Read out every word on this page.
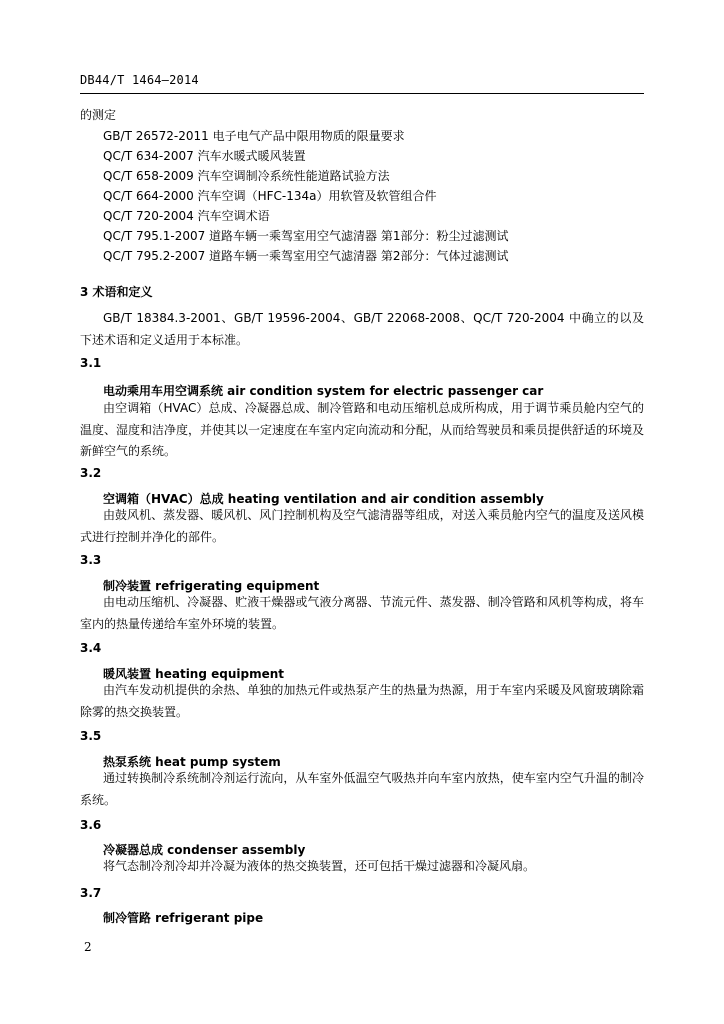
DB44/T 1464—2014
的测定
GB/T 26572-2011 电子电气产品中限用物质的限量要求
QC/T 634-2007 汽车水暖式暖风装置
QC/T 658-2009 汽车空调制冷系统性能道路试验方法
QC/T 664-2000 汽车空调（HFC-134a）用软管及软管组合件
QC/T 720-2004 汽车空调术语
QC/T 795.1-2007 道路车辆一乘驾室用空气滤清器 第1部分：粉尘过滤测试
QC/T 795.2-2007 道路车辆一乘驾室用空气滤清器 第2部分：气体过滤测试
3 术语和定义
GB/T 18384.3-2001、GB/T 19596-2004、GB/T 22068-2008、QC/T 720-2004 中确立的以及下述术语和定义适用于本标准。
3.1
电动乘用车用空调系统 air condition system for electric passenger car
由空调箱（HVAC）总成、冷凝器总成、制冷管路和电动压缩机总成所构成，用于调节乘员舱内空气的温度、湿度和洁净度，并使其以一定速度在车室内定向流动和分配，从而给驾驶员和乘员提供舒适的环境及新鲜空气的系统。
3.2
空调箱（HVAC）总成 heating ventilation and air condition assembly
由鼓风机、蒸发器、暖风机、风门控制机构及空气滤清器等组成，对送入乘员舱内空气的温度及送风模式进行控制并净化的部件。
3.3
制冷装置 refrigerating equipment
由电动压缩机、冷凝器、贮液干燥器或气液分离器、节流元件、蒸发器、制冷管路和风机等构成，将车室内的热量传递给车室外环境的装置。
3.4
暖风装置 heating equipment
由汽车发动机提供的余热、单独的加热元件或热泵产生的热量为热源，用于车室内采暖及风窗玻璃除霜除雾的热交换装置。
3.5
热泵系统 heat pump system
通过转换制冷系统制冷剂运行流向，从车室外低温空气吸热并向车室内放热，使车室内空气升温的制冷系统。
3.6
冷凝器总成 condenser assembly
将气态制冷剂冷却并冷凝为液体的热交换装置，还可包括干燥过滤器和冷凝风扇。
3.7
制冷管路 refrigerant pipe
2
